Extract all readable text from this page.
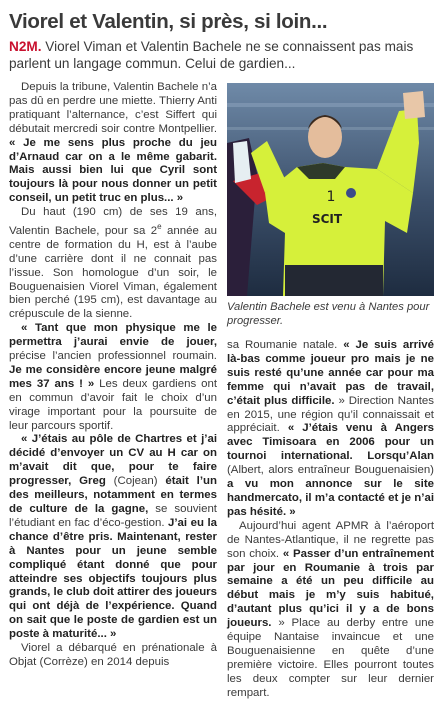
Viorel et Valentin, si près, si loin...
N2M. Viorel Viman et Valentin Bachele ne se connaissent pas mais parlent un langage commun. Celui de gardien...

Depuis la tribune, Valentin Bachele n’a pas dû en perdre une miette. Thierry Anti pratiquant l’alternance, c’est Siffert qui débutait mercredi soir contre Montpellier. « Je me sens plus proche du jeu d’Arnaud car on a le même gabarit. Mais aussi bien lui que Cyril sont toujours là pour nous donner un petit conseil, un petit truc en plus... »

Du haut (190 cm) de ses 19 ans, Valentin Bachele, pour sa 2e année au centre de formation du H, est à l’aube d’une carrière dont il ne connait pas l’issue. Son homologue d’un soir, le Bouguenaisien Viorel Viman, également bien perché (195 cm), est davantage au crépuscule de la sienne.

« Tant que mon physique me le permettra j’aurai envie de jouer, précise l’ancien professionnel roumain. Je me considère encore jeune malgré mes 37 ans ! » Les deux gardiens ont en commun d’avoir fait le choix d’un virage important pour la poursuite de leur parcours sportif.

« J’étais au pôle de Chartres et j’ai décidé d’envoyer un CV au H car on m’avait dit que, pour te faire progresser, Greg (Cojean) était l’un des meilleurs, notamment en termes de culture de la gagne, se souvient l’étudiant en fac d’éco-gestion. J’ai eu la chance d’être pris. Maintenant, rester à Nantes pour un jeune semble compliqué étant donné que pour atteindre ses objectifs toujours plus grands, le club doit attirer des joueurs qui ont déjà de l’expérience. Quand on sait que le poste de gardien est un poste à maturité... »

Viorel a débarqué en prénationale à Objat (Corrèze) en 2014 depuis

1
SCIT
Valentin Bachele est venu à Nantes pour progresser.

sa Roumanie natale. « Je suis arrivé là-bas comme joueur pro mais je ne suis resté qu’une année car pour ma femme qui n’avait pas de travail, c’était plus difficile. » Direction Nantes en 2015, une région qu’il connaissait et appréciait. « J’étais venu à Angers avec Timisoara en 2006 pour un tournoi international. Lorsqu’Alan (Albert, alors entraîneur Bouguenaisien) a vu mon annonce sur le site handmercato, il m’a contacté et je n’ai pas hésité. »

Aujourd’hui agent APMR à l’aéroport de Nantes-Atlantique, il ne regrette pas son choix. « Passer d’un entraînement par jour en Roumanie à trois par semaine a été un peu difficile au début mais je m’y suis habitué, d’autant plus qu’ici il y a de bons joueurs. » Place au derby entre une équipe Nantaise invaincue et une Bouguenaisienne en quête d’une première victoire. Elles pourront toutes les deux compter sur leur dernier rempart.
